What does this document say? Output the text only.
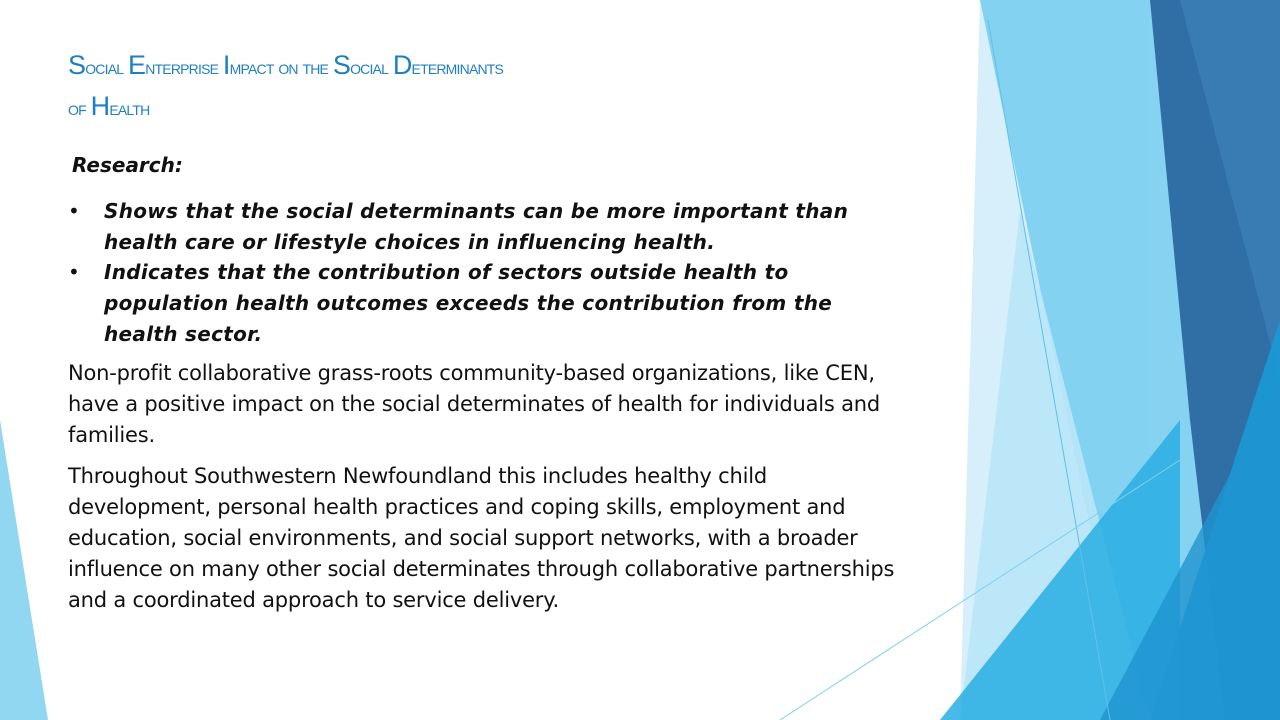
Social Enterprise Impact on the Social Determinants
of Health

Research:

• Shows that the social determinants can be more important than health care or lifestyle choices in influencing health.
• Indicates that the contribution of sectors outside health to population health outcomes exceeds the contribution from the health sector.

Non-profit collaborative grass-roots community-based organizations, like CEN, have a positive impact on the social determinates of health for individuals and families.

Throughout Southwestern Newfoundland this includes healthy child development, personal health practices and coping skills, employment and education, social environments, and social support networks, with a broader influence on many other social determinates through collaborative partnerships and a coordinated approach to service delivery.
